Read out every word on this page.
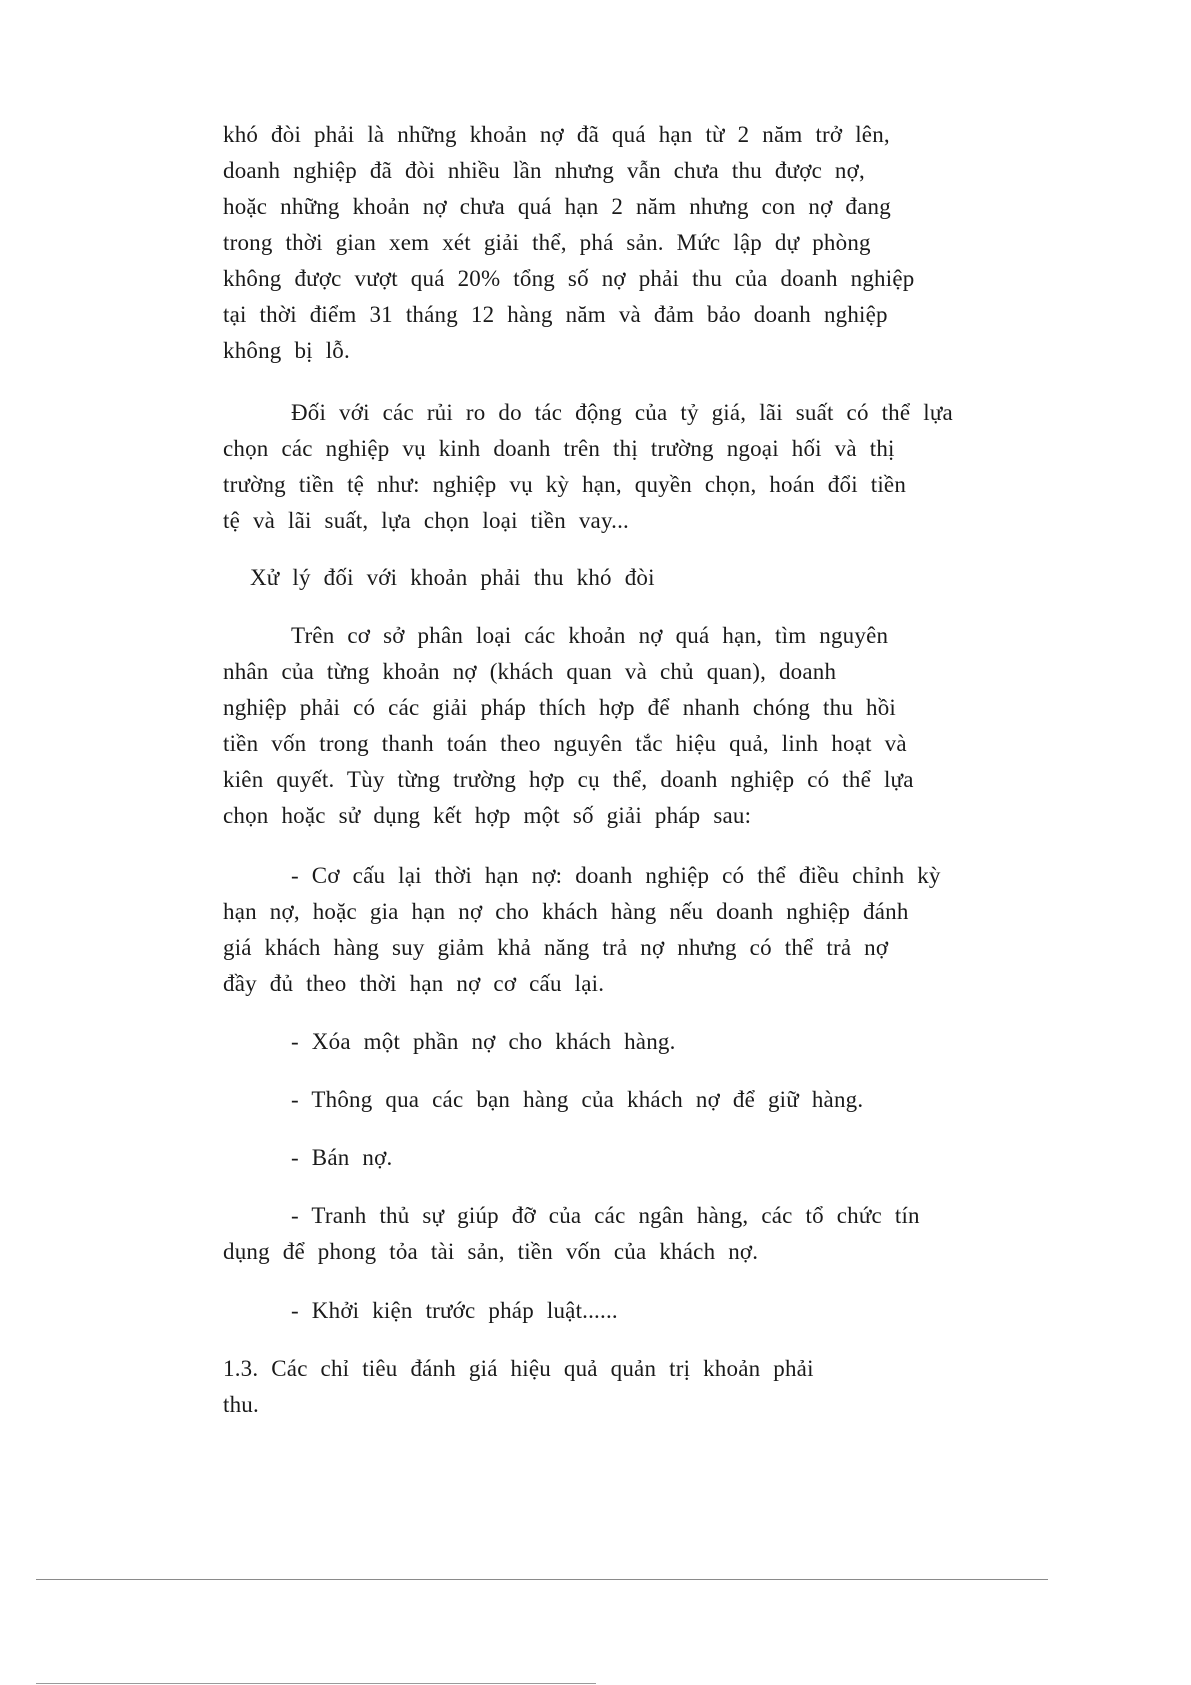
khó đòi phải là những khoản nợ đã quá hạn từ 2 năm trở lên,
doanh nghiệp đã đòi nhiều lần nhưng vẫn chưa thu được nợ,
hoặc những khoản nợ chưa quá hạn 2 năm nhưng con nợ đang
trong thời gian xem xét giải thể, phá sản. Mức lập dự phòng
không được vượt quá 20% tổng số nợ phải thu của doanh nghiệp
tại thời điểm 31 tháng 12 hàng năm và đảm bảo doanh nghiệp
không bị lỗ.

Đối với các rủi ro do tác động của tỷ giá, lãi suất có thể lựa
chọn các nghiệp vụ kinh doanh trên thị trường ngoại hối và thị
trường tiền tệ như: nghiệp vụ kỳ hạn, quyền chọn, hoán đổi tiền
tệ và lãi suất, lựa chọn loại tiền vay...

Xử lý đối với khoản phải thu khó đòi

Trên cơ sở phân loại các khoản nợ quá hạn, tìm nguyên
nhân của từng khoản nợ (khách quan và chủ quan), doanh
nghiệp phải có các giải pháp thích hợp để nhanh chóng thu hồi
tiền vốn trong thanh toán theo nguyên tắc hiệu quả, linh hoạt và
kiên quyết. Tùy từng trường hợp cụ thể, doanh nghiệp có thể lựa
chọn hoặc sử dụng kết hợp một số giải pháp sau:

- Cơ cấu lại thời hạn nợ: doanh nghiệp có thể điều chỉnh kỳ
hạn nợ, hoặc gia hạn nợ cho khách hàng nếu doanh nghiệp đánh
giá khách hàng suy giảm khả năng trả nợ nhưng có thể trả nợ
đầy đủ theo thời hạn nợ cơ cấu lại.

- Xóa một phần nợ cho khách hàng.

- Thông qua các bạn hàng của khách nợ để giữ hàng.

- Bán nợ.

- Tranh thủ sự giúp đỡ của các ngân hàng, các tổ chức tín
dụng để phong tỏa tài sản, tiền vốn của khách nợ.

- Khởi kiện trước pháp luật......

1.3. Các chỉ tiêu đánh giá hiệu quả quản trị khoản phải
thu.
